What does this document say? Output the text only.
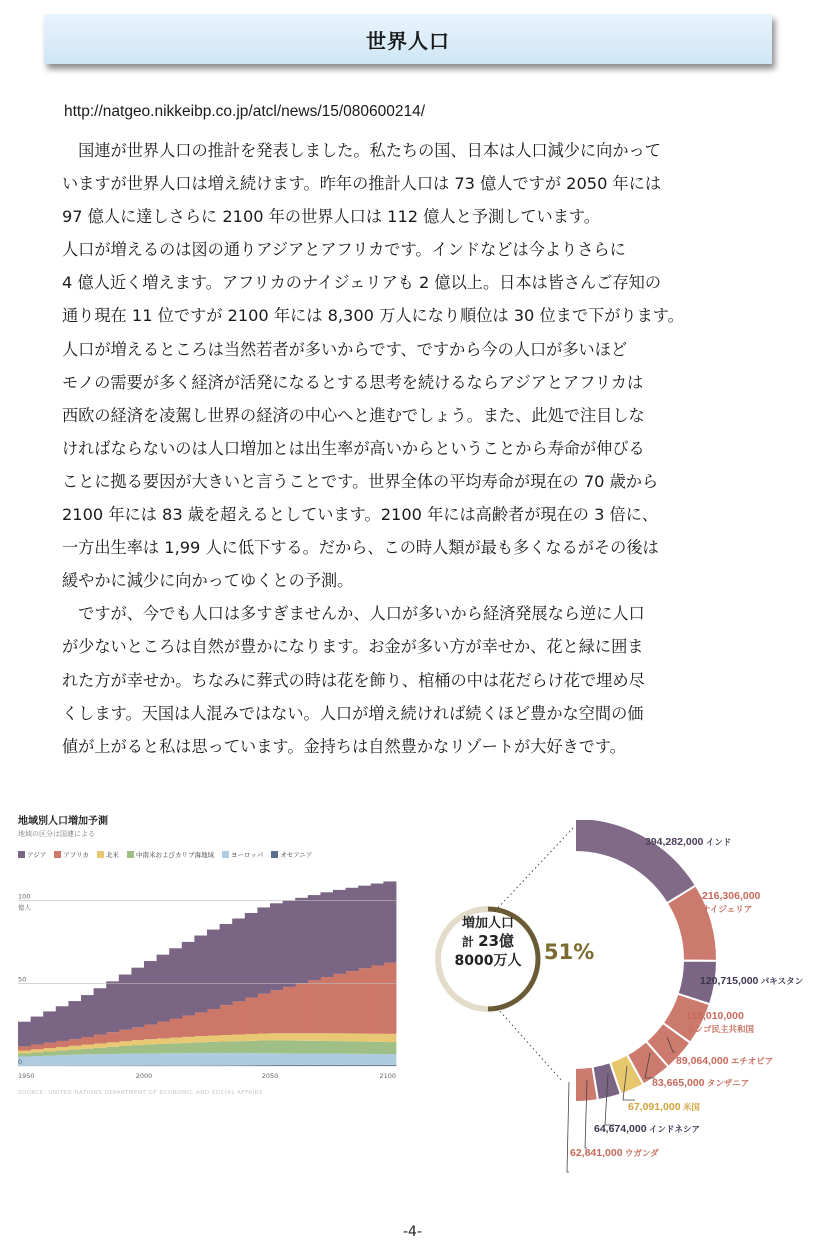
世界人口
http://natgeo.nikkeibp.co.jp/atcl/news/15/080600214/

　国連が世界人口の推計を発表しました。私たちの国、日本は人口減少に向かって

いますが世界人口は増え続けます。昨年の推計人口は 73 億人ですが 2050 年には

97 億人に達しさらに 2100 年の世界人口は 112 億人と予測しています。

人口が増えるのは図の通りアジアとアフリカです。インドなどは今よりさらに

4 億人近く増えます。アフリカのナイジェリアも 2 億以上。日本は皆さんご存知の

通り現在 11 位ですが 2100 年には 8,300 万人になり順位は 30 位まで下がります。

人口が増えるところは当然若者が多いからです、ですから今の人口が多いほど

モノの需要が多く経済が活発になるとする思考を続けるならアジアとアフリカは

西欧の経済を凌駕し世界の経済の中心へと進むでしょう。また、此処で注目しな

ければならないのは人口増加とは出生率が高いからということから寿命が伸びる

ことに拠る要因が大きいと言うことです。世界全体の平均寿命が現在の 70 歳から

2100 年には 83 歳を超えるとしています。2100 年には高齢者が現在の 3 倍に、

一方出生率は 1,99 人に低下する。だから、この時人類が最も多くなるがその後は

緩やかに減少に向かってゆくとの予測。

　ですが、今でも人口は多すぎませんか、人口が多いから経済発展なら逆に人口

が少ないところは自然が豊かになります。お金が多い方が幸せか、花と緑に囲ま

れた方が幸せか。ちなみに葬式の時は花を飾り、棺桶の中は花だらけ花で埋め尽

くします。天国は人混みではない。人口が増え続ければ続くほど豊かな空間の価

値が上がると私は思っています。金持ちは自然豊かなリゾートが大好きです。

地域別人口増加予測
地域の区分は国連による
アジア	アフリカ	北米	中南米およびカリブ海地域	ヨーロッパ	オセアニア
100
50
0
億人
1950	2000	2050	2100
SOURCE: UNITED NATIONS DEPARTMENT OF ECONOMIC AND SOCIAL AFFAIRS
増加人口
計 23億
8000万人	51%
394,282,000 インド
216,306,000
ナイジェリア
120,715,000 パキスタン
118,010,000
コンゴ民主共和国
89,064,000 エチオピア
83,665,000 タンザニア
67,091,000 米国
64,674,000 インドネシア
62,841,000 ウガンダ
-4-
